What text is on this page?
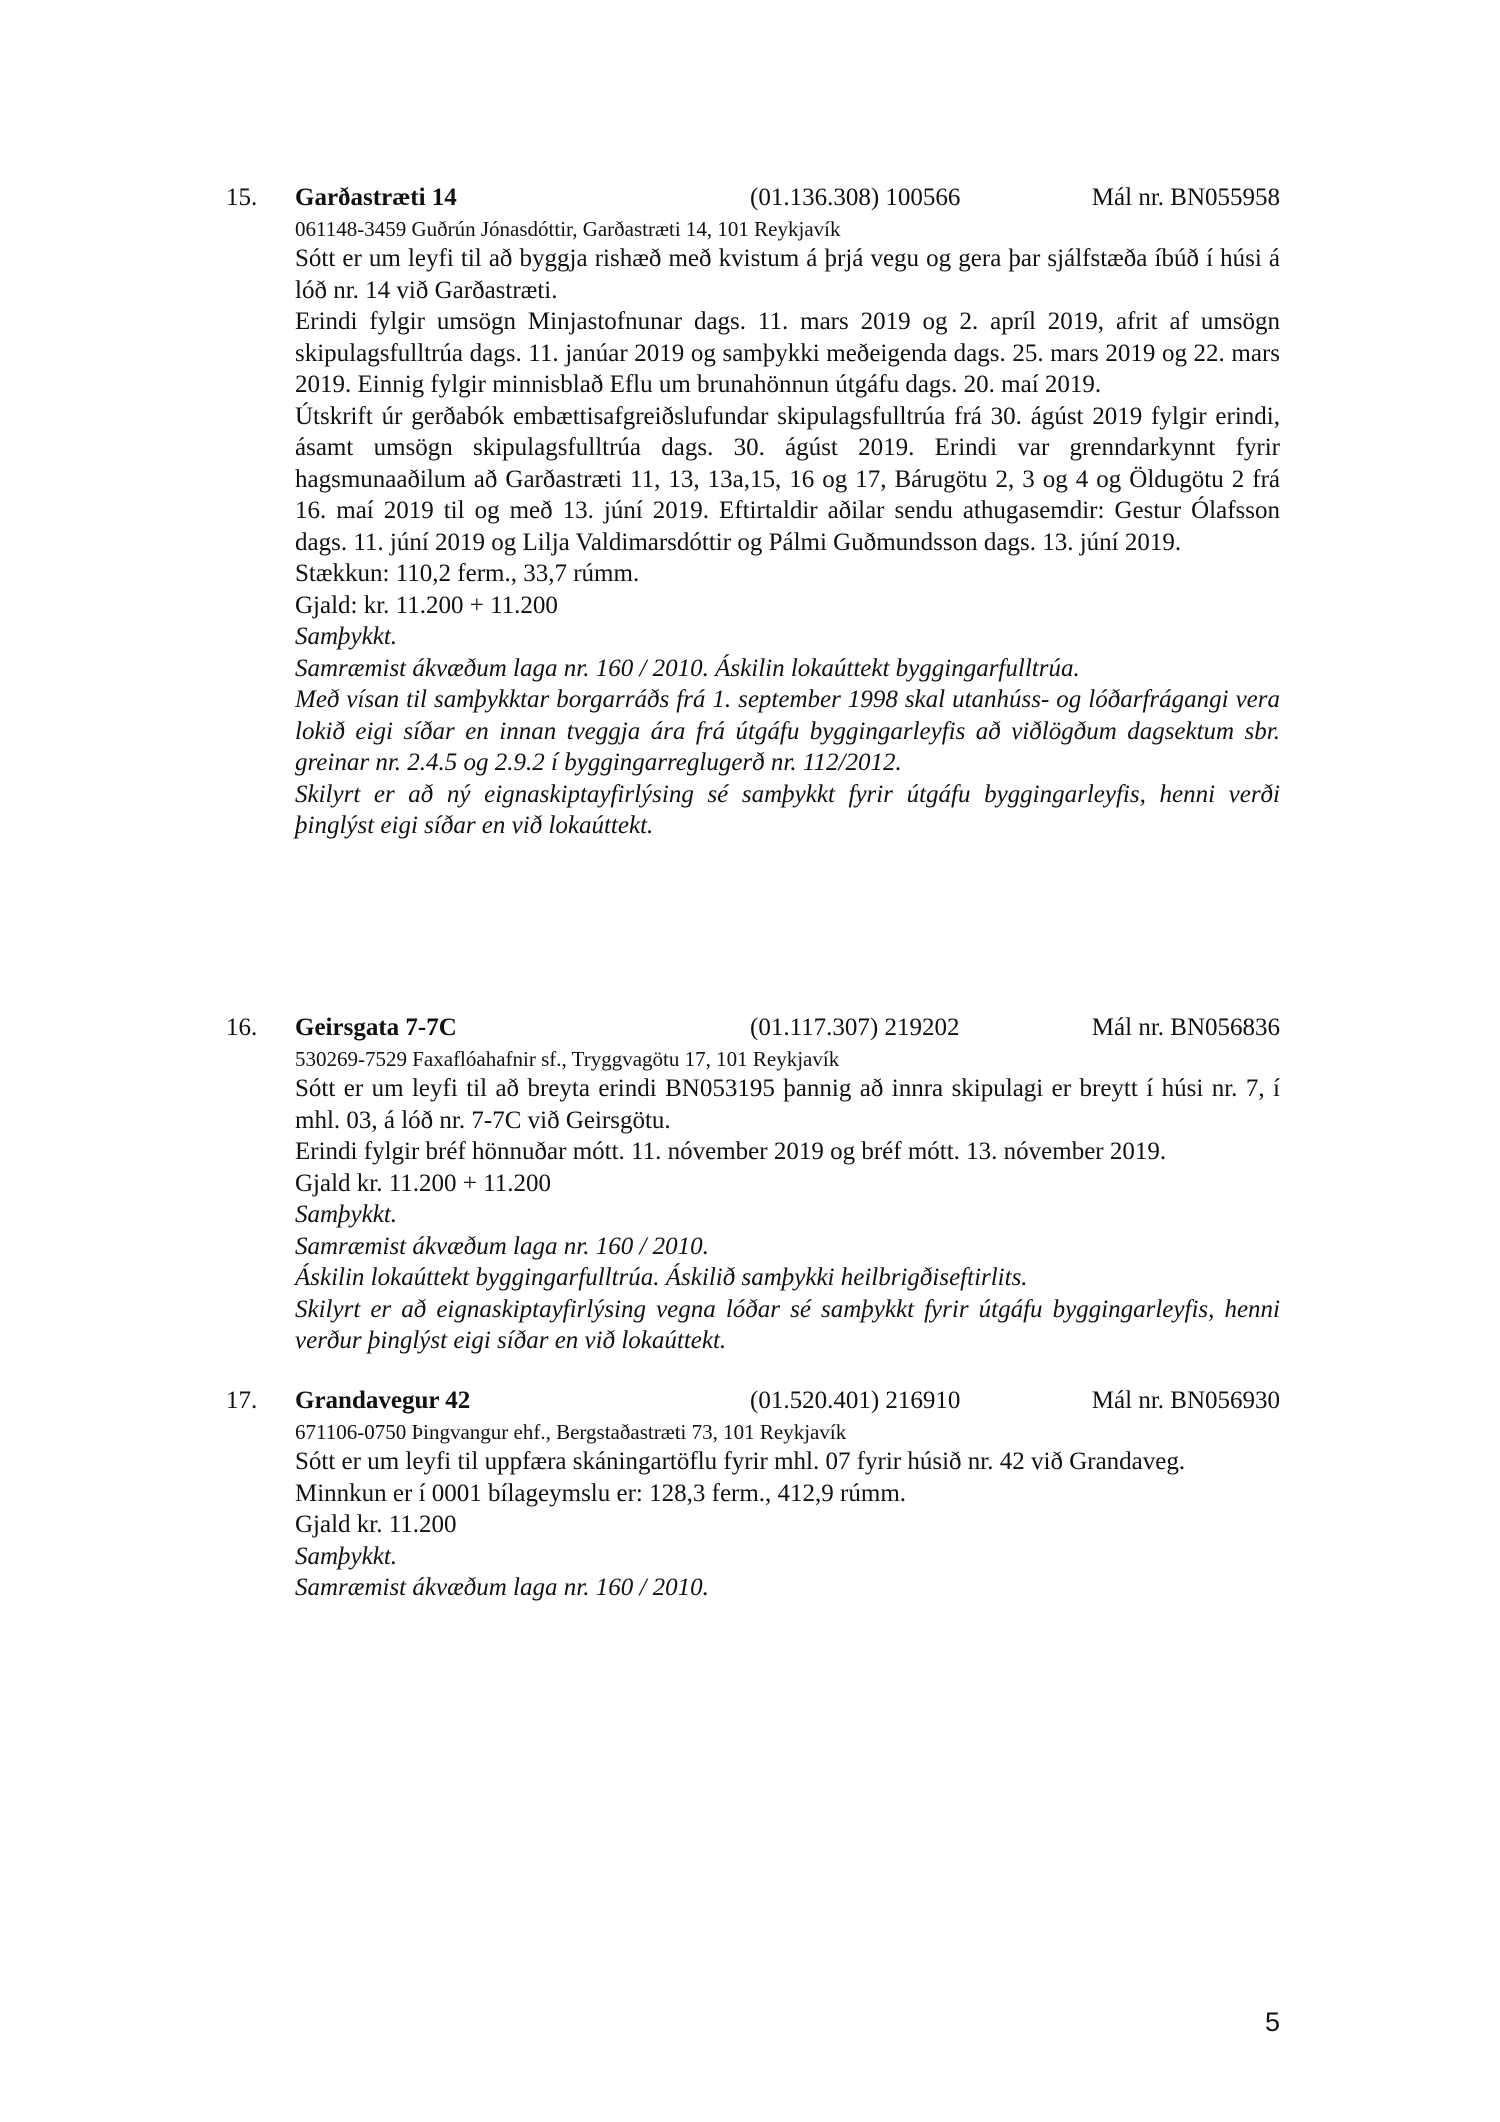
15. Garðastræti 14	(01.136.308) 100566	Mál nr. BN055958
061148-3459 Guðrún Jónasdóttir, Garðastræti 14, 101 Reykjavík
Sótt er um leyfi til að byggja rishæð með kvistum á þrjá vegu og gera þar sjálfstæða íbúð í húsi á lóð nr. 14 við Garðastræti.
Erindi fylgir umsögn Minjastofnunar dags. 11. mars 2019 og 2. apríl 2019, afrit af umsögn skipulagsfulltrúa dags. 11. janúar 2019 og samþykki meðeigenda dags. 25. mars 2019 og 22. mars 2019. Einnig fylgir minnisblað Eflu um brunahönnun útgáfu dags. 20. maí 2019.
Útskrift úr gerðabók embættisafgreiðslufundar skipulagsfulltrúa frá 30. ágúst 2019 fylgir erindi, ásamt umsögn skipulagsfulltrúa dags. 30. ágúst 2019. Erindi var grenndarkynnt fyrir hagsmunaaðilum að Garðastræti 11, 13, 13a,15, 16 og 17, Bárugötu 2, 3 og 4 og Öldugötu 2 frá 16. maí 2019 til og með 13. júní 2019. Eftirtaldir aðilar sendu athugasemdir: Gestur Ólafsson dags. 11. júní 2019 og Lilja Valdimarsdóttir og Pálmi Guðmundsson dags. 13. júní 2019.
Stækkun: 110,2 ferm., 33,7 rúmm.
Gjald: kr. 11.200 + 11.200
Samþykkt.
Samræmist ákvæðum laga nr. 160 / 2010. Áskilin lokaúttekt byggingarfulltrúa.
Með vísan til samþykktar borgarráðs frá 1. september 1998 skal utanhúss- og lóðarfrágangi vera lokið eigi síðar en innan tveggja ára frá útgáfu byggingarleyfis að viðlögðum dagsektum sbr. greinar nr. 2.4.5 og 2.9.2 í byggingarreglugerð nr. 112/2012.
Skilyrt er að ný eignaskiptayfirlýsing sé samþykkt fyrir útgáfu byggingarleyfis, henni verði þinglýst eigi síðar en við lokaúttekt.
16. Geirsgata 7-7C	(01.117.307) 219202	Mál nr. BN056836
530269-7529 Faxaflóahafnir sf., Tryggvagötu 17, 101 Reykjavík
Sótt er um leyfi til að breyta erindi BN053195 þannig að innra skipulagi er breytt í húsi nr. 7, í mhl. 03, á lóð nr. 7-7C við Geirsgötu.
Erindi fylgir bréf hönnuðar mótt. 11. nóvember 2019 og bréf mótt. 13. nóvember 2019.
Gjald kr. 11.200 + 11.200
Samþykkt.
Samræmist ákvæðum laga nr. 160 / 2010.
Áskilin lokaúttekt byggingarfulltrúa. Áskilið samþykki heilbrigðiseftirlits.
Skilyrt er að eignaskiptayfirlýsing vegna lóðar sé samþykkt fyrir útgáfu byggingarleyfis, henni verður þinglýst eigi síðar en við lokaúttekt.
17. Grandavegur 42	(01.520.401) 216910	Mál nr. BN056930
671106-0750 Þingvangur ehf., Bergstaðastræti 73, 101 Reykjavík
Sótt er um leyfi til uppfæra skáningartöflu fyrir mhl. 07 fyrir húsið nr. 42 við Grandaveg.
Minnkun er í 0001 bílageymslu er: 128,3 ferm., 412,9 rúmm.
Gjald kr. 11.200
Samþykkt.
Samræmist ákvæðum laga nr. 160 / 2010.
5
